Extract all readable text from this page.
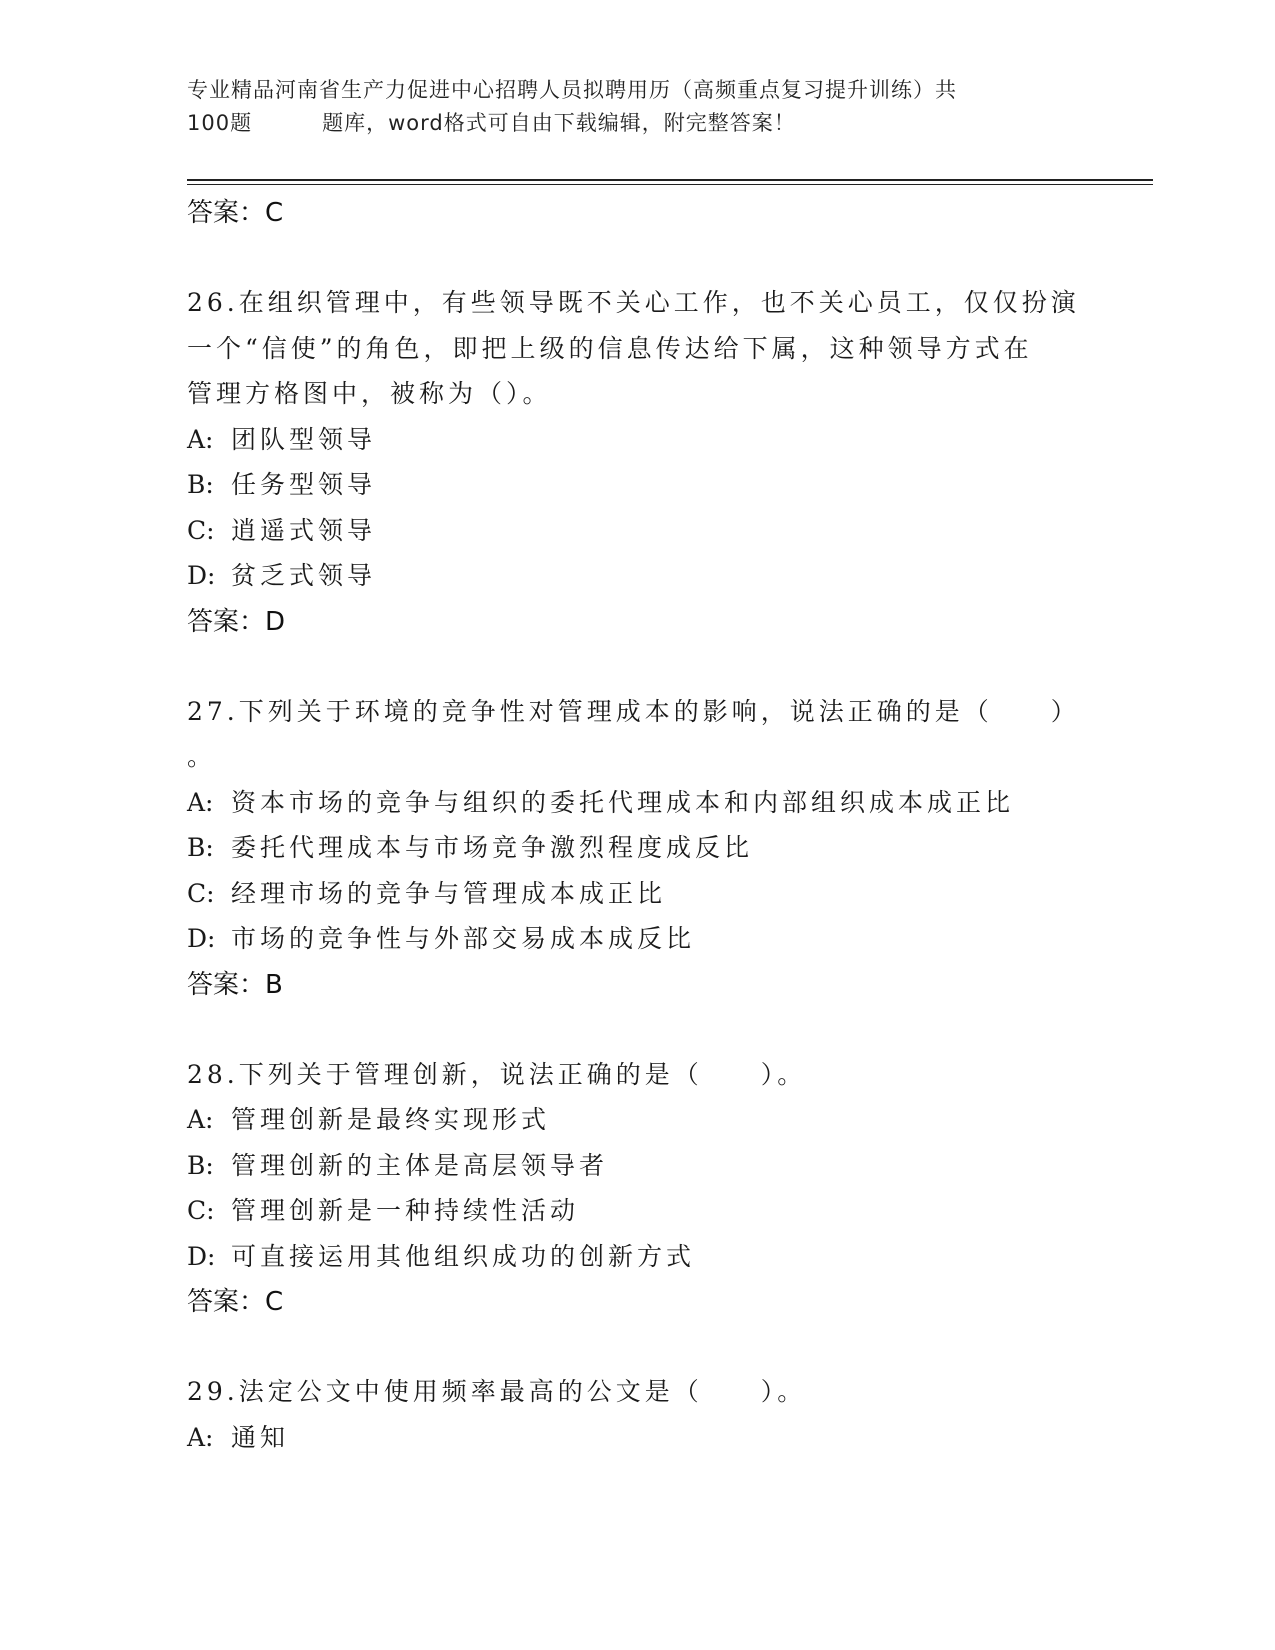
专业精品河南省生产力促进中心招聘人员拟聘用历（高频重点复习提升训练）共
100题	题库，word格式可自由下载编辑，附完整答案！
答案：C
26.在组织管理中，有些领导既不关心工作，也不关心员工，仅仅扮演
一个“信使”的角色，即把上级的信息传达给下属，这种领导方式在
管理方格图中，被称为（）。
A: 团队型领导
B: 任务型领导
C: 逍遥式领导
D: 贫乏式领导
答案：D
27.下列关于环境的竞争性对管理成本的影响，说法正确的是（　　）
。
A: 资本市场的竞争与组织的委托代理成本和内部组织成本成正比
B: 委托代理成本与市场竞争激烈程度成反比
C: 经理市场的竞争与管理成本成正比
D: 市场的竞争性与外部交易成本成反比
答案：B
28.下列关于管理创新，说法正确的是（　　）。
A: 管理创新是最终实现形式
B: 管理创新的主体是高层领导者
C: 管理创新是一种持续性活动
D: 可直接运用其他组织成功的创新方式
答案：C
29.法定公文中使用频率最高的公文是（　　）。
A: 通知
